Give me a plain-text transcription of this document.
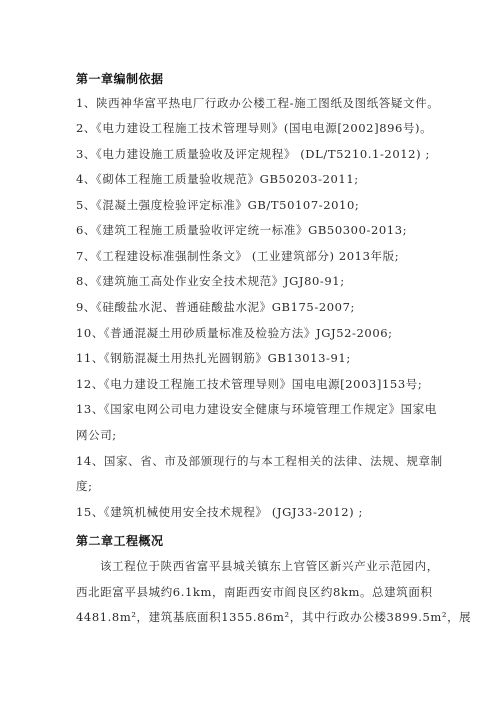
第一章编制依据
1、陕西神华富平热电厂行政办公楼工程-施工图纸及图纸答疑文件。
2、《电力建设工程施工技术管理导则》(国电电源[2002]896号)。
3、《电力建设施工质量验收及评定规程》 (DL/T5210.1-2012) ;
4、《砌体工程施工质量验收规范》GB50203-2011;
5、《混凝土强度检验评定标准》GB/T50107-2010;
6、《建筑工程施工质量验收评定统一标准》GB50300-2013;
7、《工程建设标准强制性条文》 (工业建筑部分) 2013年版;
8、《建筑施工高处作业安全技术规范》JGJ80-91;
9、《硅酸盐水泥、普通硅酸盐水泥》GB175-2007;
10、《普通混凝土用砂质量标准及检验方法》JGJ52-2006;
11、《钢筋混凝土用热扎光圆钢筋》GB13013-91;
12、《电力建设工程施工技术管理导则》国电电源[2003]153号;
13、《国家电网公司电力建设安全健康与环境管理工作规定》国家电
网公司;
14、国家、省、市及部颁现行的与本工程相关的法律、法规、规章制
度;
15、《建筑机械使用安全技术规程》 (JGJ33-2012) ;
第二章工程概况
该工程位于陕西省富平县城关镇东上官管区新兴产业示范园内，
西北距富平县城约6.1km，南距西安市阎良区约8km。总建筑面积
4481.8m²，建筑基底面积1355.86m²，其中行政办公楼3899.5m²，展
